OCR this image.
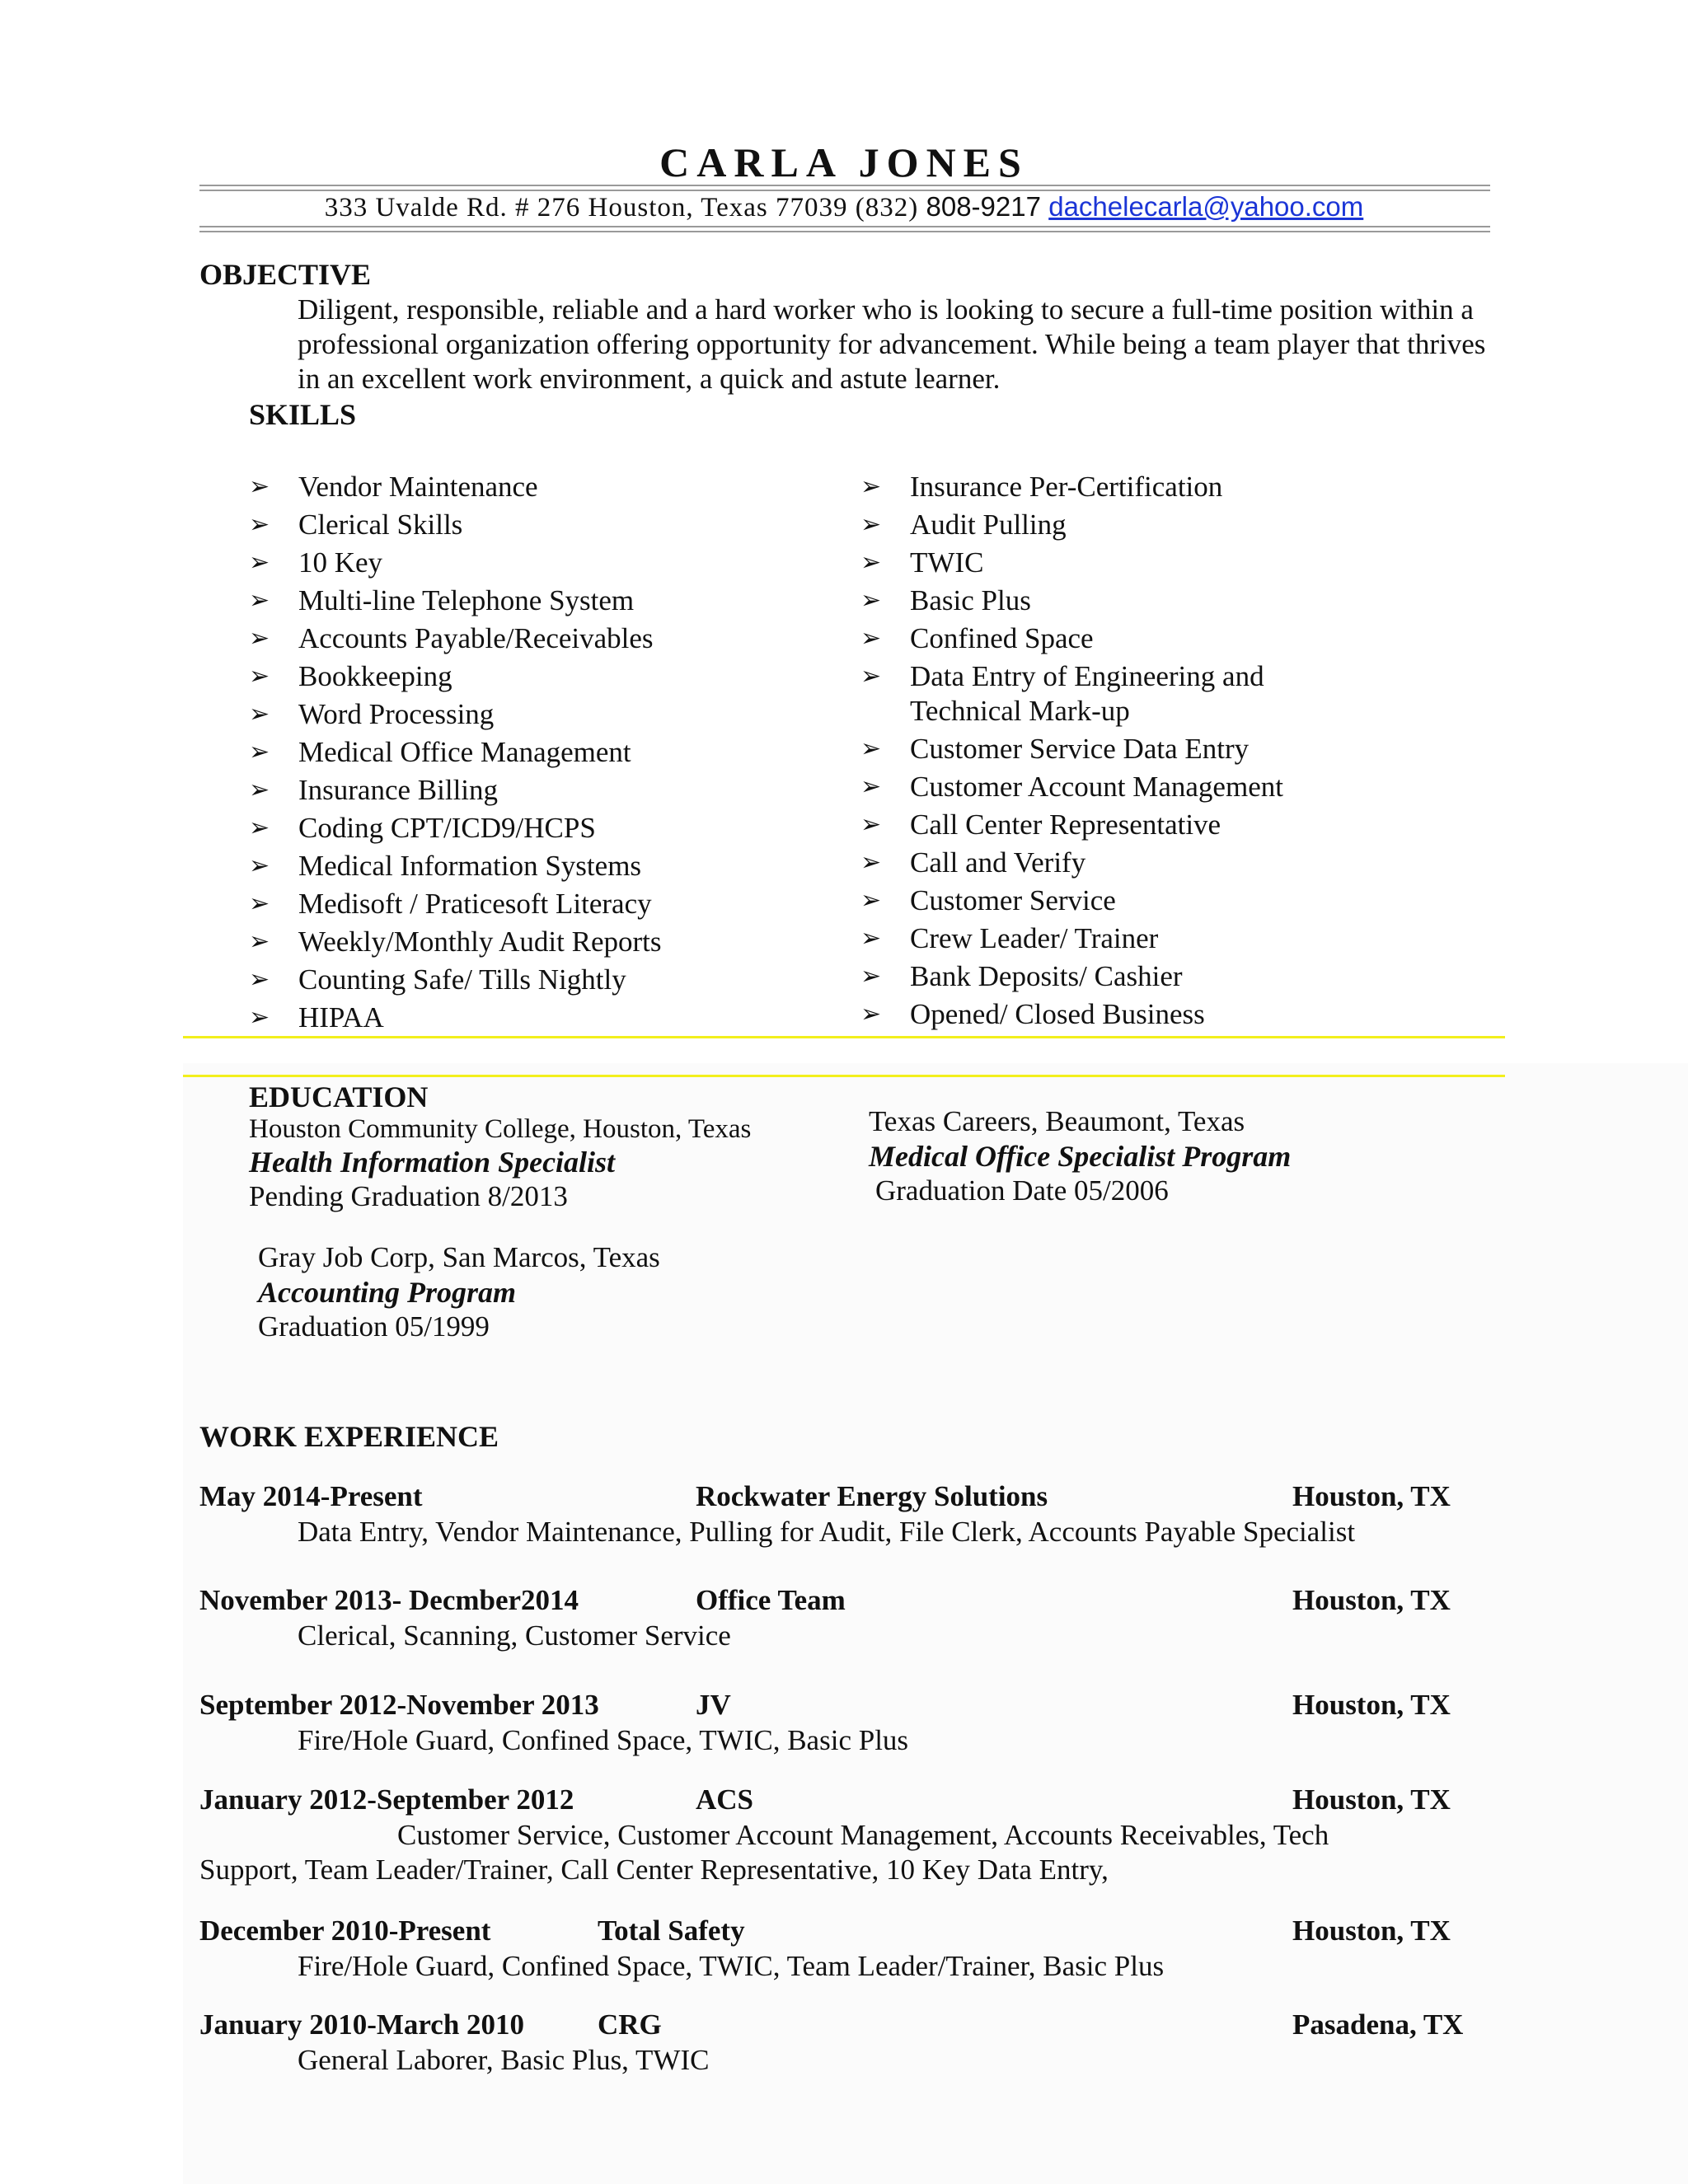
CARLA JONES
333 Uvalde Rd. # 276 Houston, Texas 77039 (832) 808-9217 dachelecarla@yahoo.com
OBJECTIVE
Diligent, responsible, reliable and a hard worker who is looking to secure a full-time position within a professional organization offering opportunity for advancement. While being a team player that thrives in an excellent work environment, a quick and astute learner.
SKILLS
➢ Vendor Maintenance
➢ Clerical Skills
➢ 10 Key
➢ Multi-line Telephone System
➢ Accounts Payable/Receivables
➢ Bookkeeping
➢ Word Processing
➢ Medical Office Management
➢ Insurance Billing
➢ Coding CPT/ICD9/HCPS
➢ Medical Information Systems
➢ Medisoft / Praticesoft Literacy
➢ Weekly/Monthly Audit Reports
➢ Counting Safe/ Tills Nightly
➢ HIPAA
➢ Insurance Per-Certification
➢ Audit Pulling
➢ TWIC
➢ Basic Plus
➢ Confined Space
➢ Data Entry of Engineering and Technical Mark-up
➢ Customer Service Data Entry
➢ Customer Account Management
➢ Call Center Representative
➢ Call and Verify
➢ Customer Service
➢ Crew Leader/ Trainer
➢ Bank Deposits/ Cashier
➢ Opened/ Closed Business
EDUCATION
Houston Community College, Houston, Texas
Health Information Specialist
Pending Graduation 8/2013
Texas Careers, Beaumont, Texas
Medical Office Specialist Program
Graduation Date 05/2006
Gray Job Corp, San Marcos, Texas
Accounting Program
Graduation 05/1999
WORK EXPERIENCE
May 2014-Present	Rockwater Energy Solutions	Houston, TX
Data Entry, Vendor Maintenance, Pulling for Audit, File Clerk, Accounts Payable Specialist
November 2013- Decmber2014	Office Team	Houston, TX
Clerical, Scanning, Customer Service
September 2012-November 2013	JV	Houston, TX
Fire/Hole Guard, Confined Space, TWIC, Basic Plus
January 2012-September 2012	ACS	Houston, TX
Customer Service, Customer Account Management, Accounts Receivables, Tech
Support, Team Leader/Trainer, Call Center Representative, 10 Key Data Entry,
December 2010-Present	Total Safety	Houston, TX
Fire/Hole Guard, Confined Space, TWIC, Team Leader/Trainer, Basic Plus
January 2010-March 2010	CRG	Pasadena, TX
General Laborer, Basic Plus, TWIC
